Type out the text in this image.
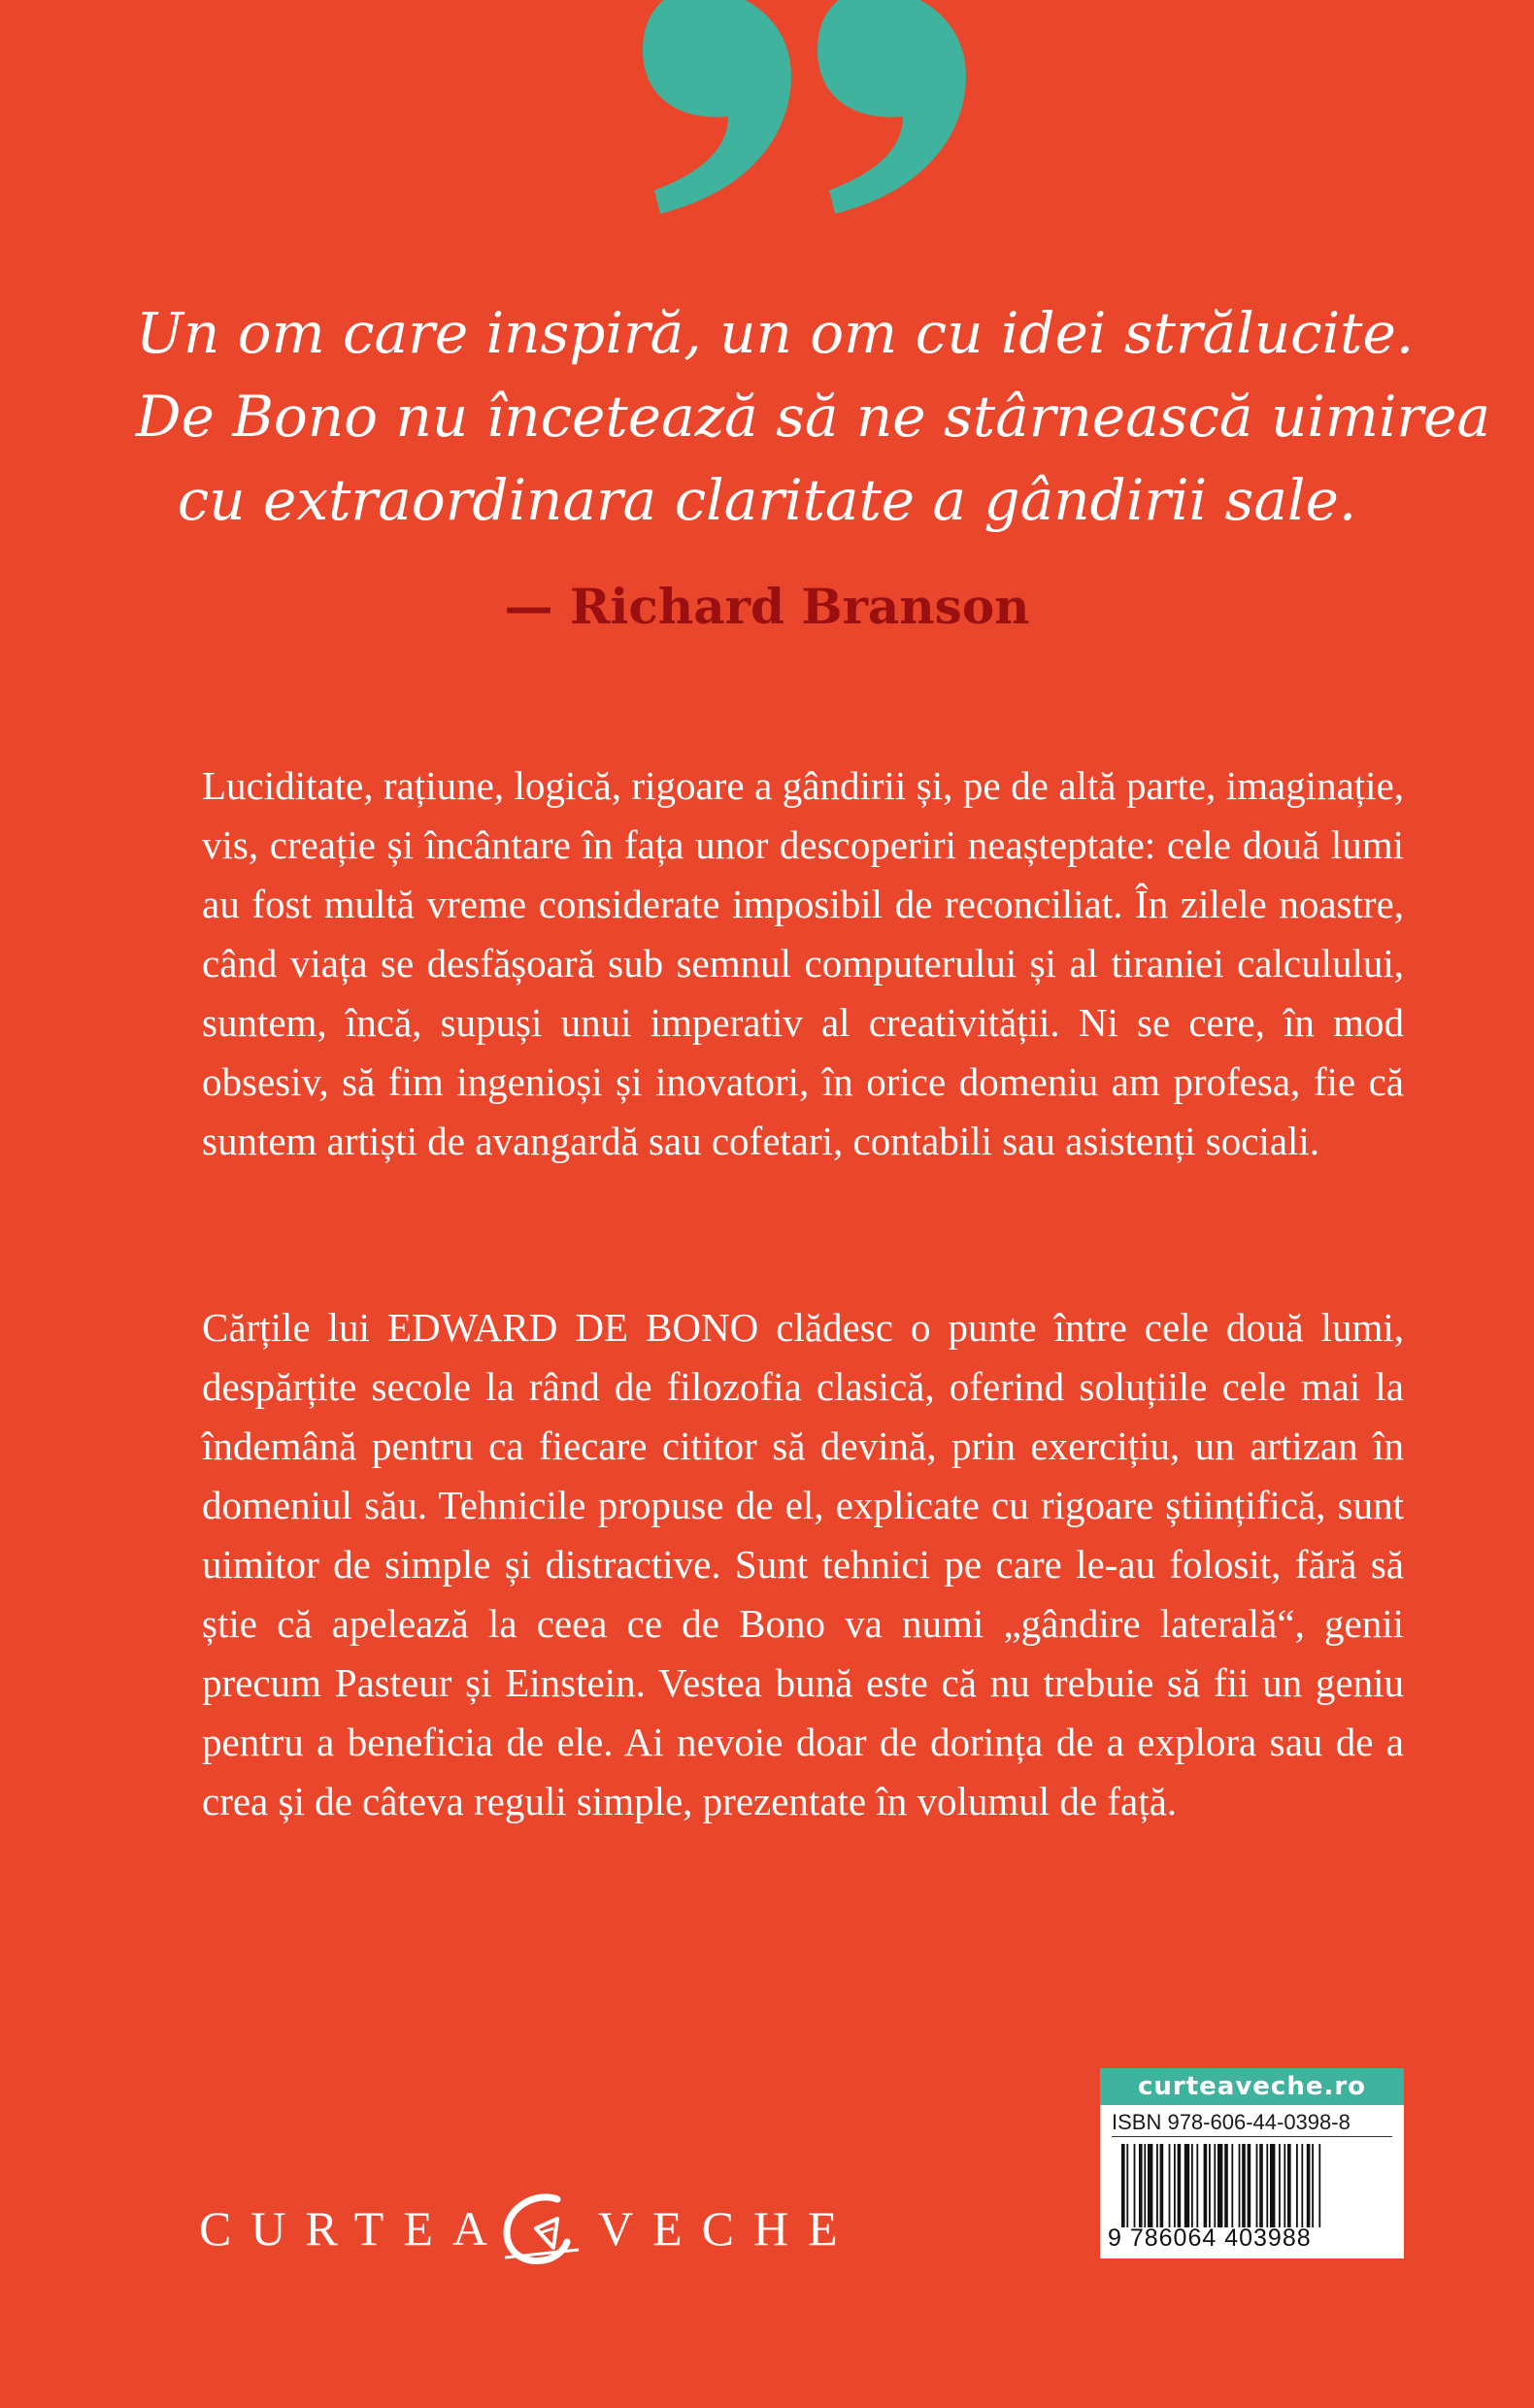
Un om care inspiră, un om cu idei strălucite.
De Bono nu încetează să ne stârnească uimirea
cu extraordinara claritate a gândirii sale.

— Richard Branson

Luciditate, rațiune, logică, rigoare a gândirii și, pe de altă parte, imaginație, vis, creație și încântare în fața unor descoperiri neașteptate: cele două lumi au fost multă vreme considerate imposibil de reconciliat. În zilele noastre, când viața se desfășoară sub semnul computerului și al tiraniei calculului, suntem, încă, supuși unui imperativ al creativității. Ni se cere, în mod obsesiv, să fim ingenioși și inovatori, în orice domeniu am profesa, fie că suntem artiști de avangardă sau cofetari, contabili sau asistenți sociali.

Cărțile lui EDWARD DE BONO clădesc o punte între cele două lumi, despărțite secole la rând de filozofia clasică, oferind soluțiile cele mai la îndemână pentru ca fiecare cititor să devină, prin exercițiu, un artizan în domeniul său. Tehnicile propuse de el, explicate cu rigoare științifică, sunt uimitor de simple și distractive. Sunt tehnici pe care le-au folosit, fără să știe că apelează la ceea ce de Bono va numi „gândire laterală“, genii precum Pasteur și Einstein. Vestea bună este că nu trebuie să fii un geniu pentru a beneficia de ele. Ai nevoie doar de dorința de a explora sau de a crea și de câteva reguli simple, prezentate în volumul de față.

CURTEA VECHE
curteaveche.ro
ISBN 978-606-44-0398-8
9 786064 403988
